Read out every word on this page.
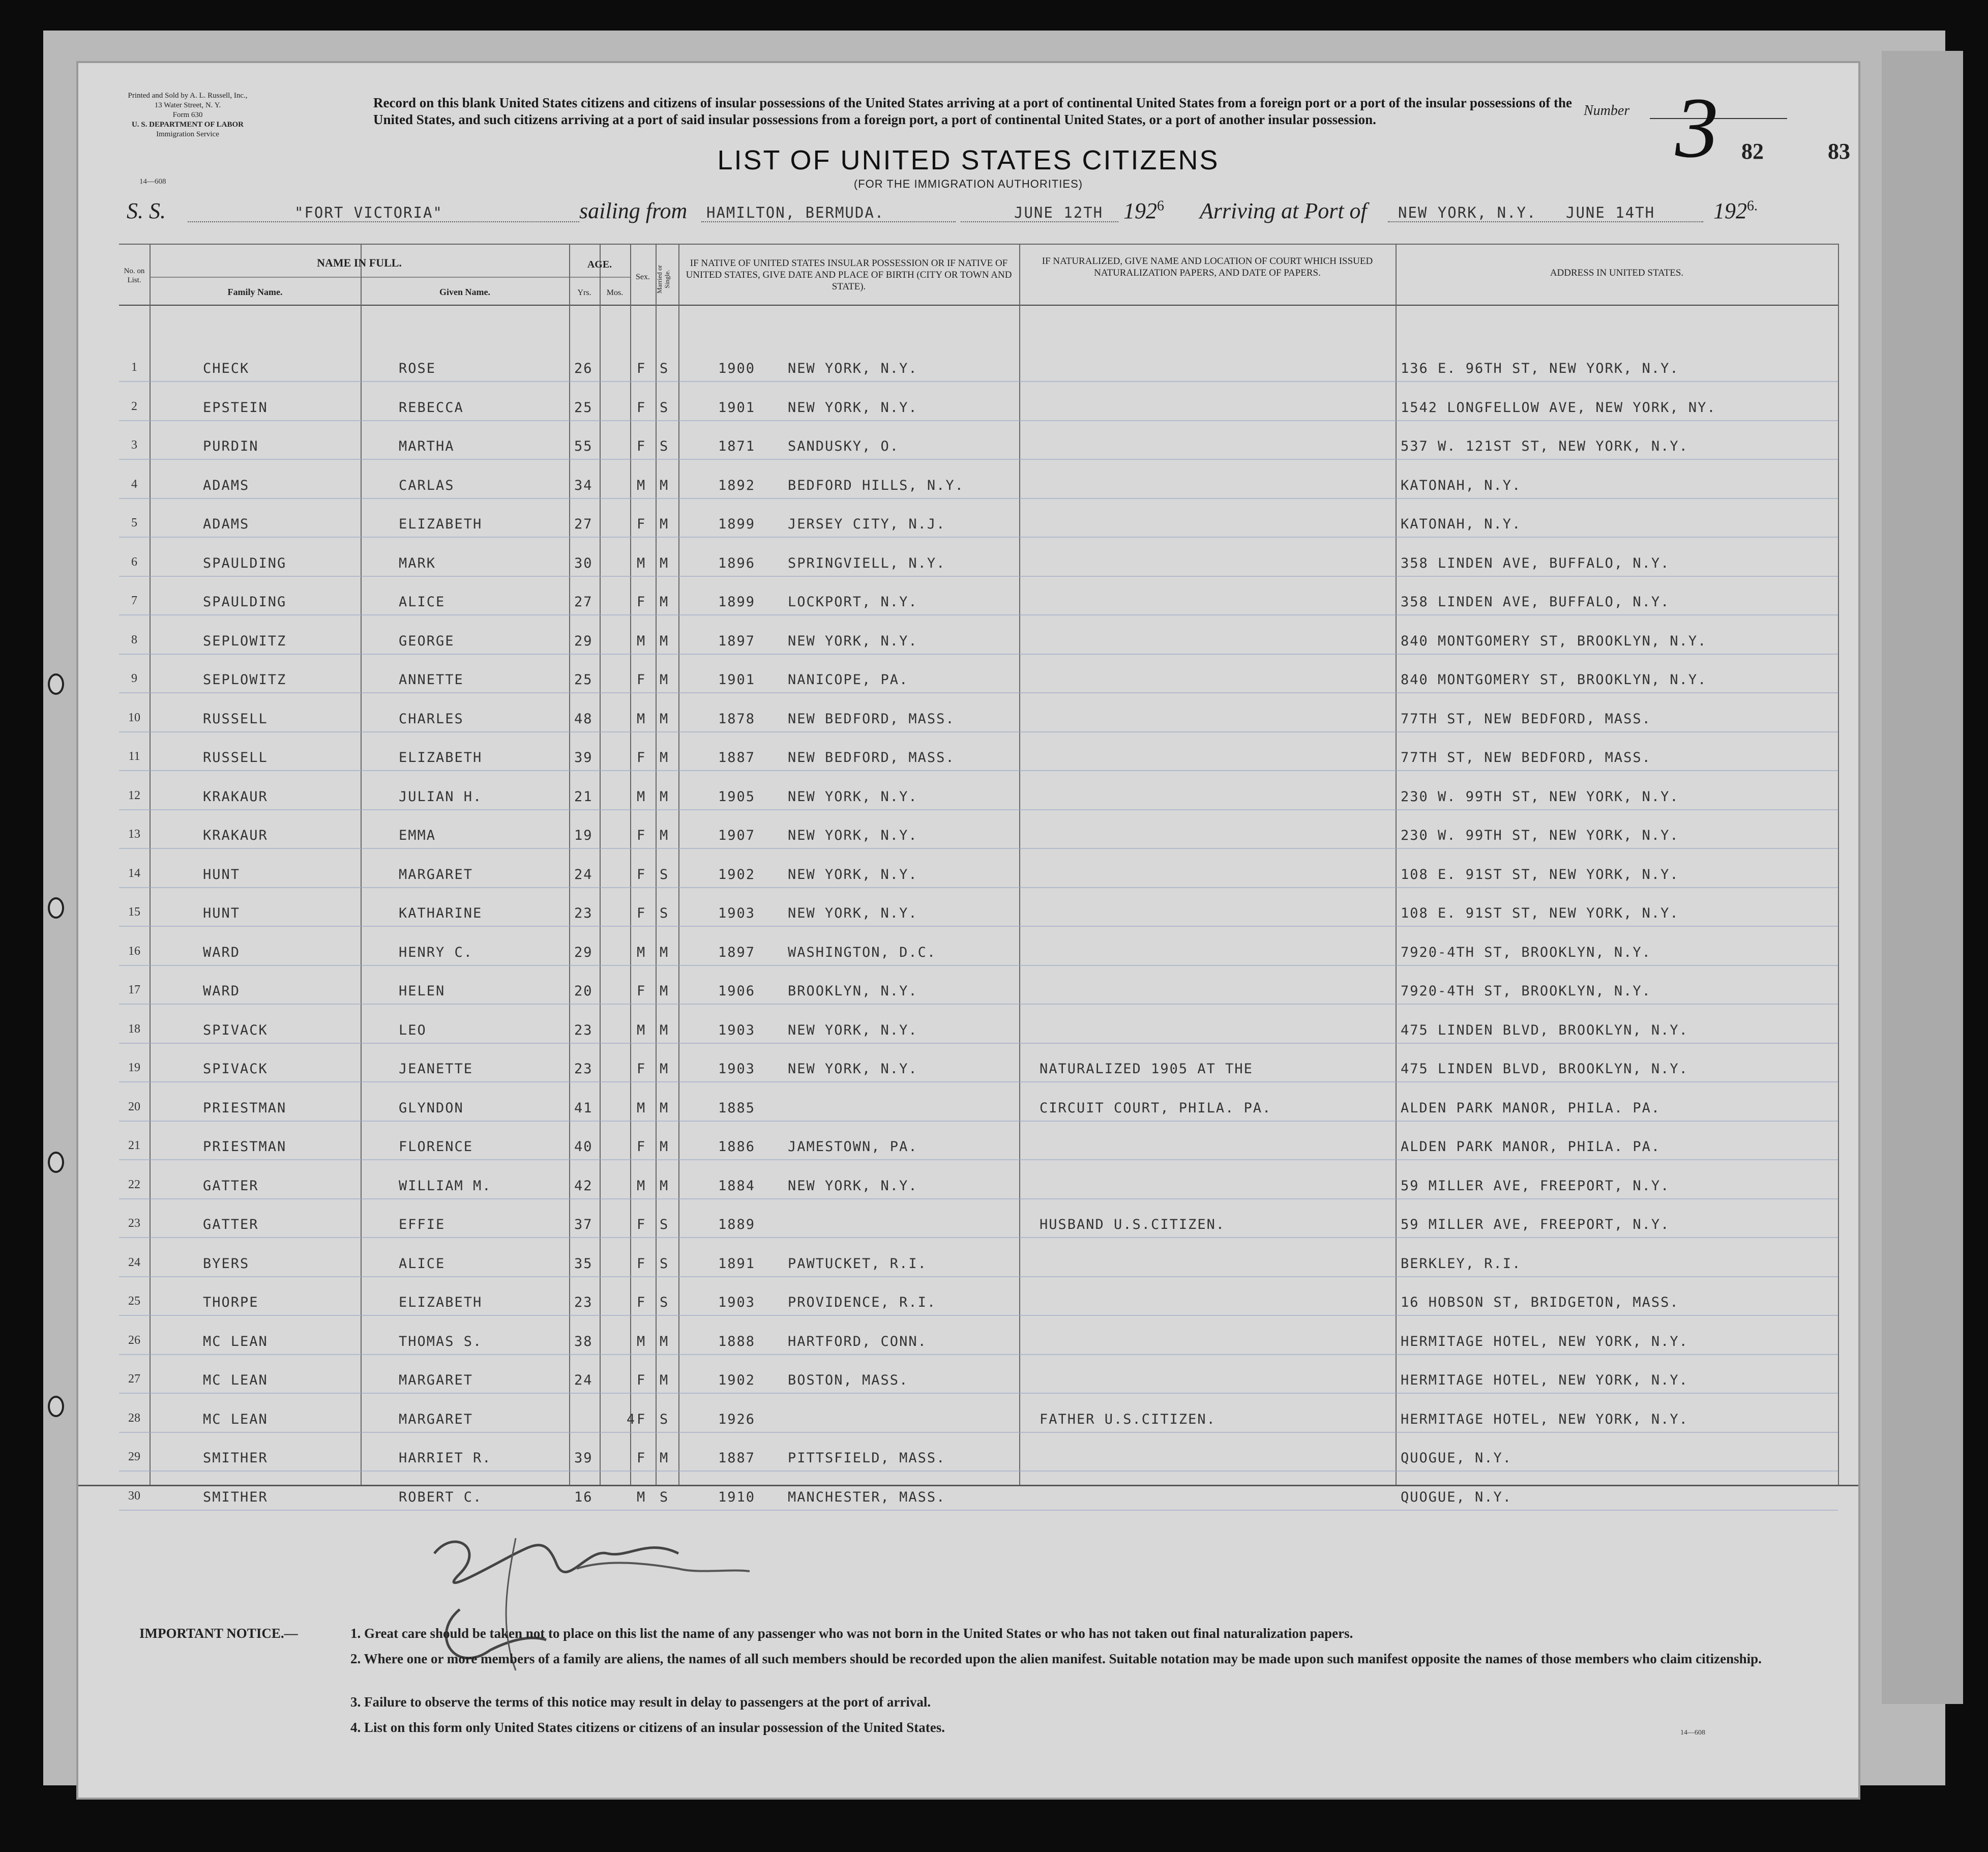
Printed and Sold by A. L. Russell, Inc.,
13 Water Street, N. Y.
Form 630
U. S. DEPARTMENT OF LABOR
Immigration Service
14—608
Record on this blank United States citizens and citizens of insular possessions of the United States arriving at a port of continental United States from a foreign port or a port of the insular possessions of the United States, and such citizens arriving at a port of said insular possessions from a foreign port, a port of continental United States, or a port of another insular possession.
Number 3
LIST OF UNITED STATES CITIZENS
(FOR THE IMMIGRATION AUTHORITIES)
82	83
S. S.	"FORT VICTORIA"	sailing from HAMILTON, BERMUDA.	JUNE 12TH $192^6$ Arriving at Port of NEW YORK, N.Y. JUNE 14TH	$192^{6.}$
No. on List.
NAME IN FULL.
Family Name.	Given Name.
AGE.
Yrs.	Mos.
Sex. Married or Single.
IF NATIVE OF UNITED STATES INSULAR POSSESSION OR IF NATIVE OF UNITED STATES, GIVE DATE AND PLACE OF BIRTH (CITY OR TOWN AND STATE).
IF NATURALIZED, GIVE NAME AND LOCATION OF COURT WHICH ISSUED NATURALIZATION PAPERS, AND DATE OF PAPERS.	ADDRESS IN UNITED STATES.
1	CHECK	ROSE	26	F S	1900 NEW YORK, N.Y.	136 E. 96TH ST, NEW YORK, N.Y.
2	EPSTEIN	REBECCA	25	F S	1901 NEW YORK, N.Y.	1542 LONGFELLOW AVE, NEW YORK, NY.
3	PURDIN	MARTHA	55	F S	1871 SANDUSKY, O.	537 W. 121ST ST, NEW YORK, N.Y.
4	ADAMS	CARLAS	34	M M	1892 BEDFORD HILLS, N.Y.	KATONAH, N.Y.
5	ADAMS	ELIZABETH	27	F M	1899 JERSEY CITY, N.J.	KATONAH, N.Y.
6	SPAULDING	MARK	30	M M	1896 SPRINGVIELL, N.Y.	358 LINDEN AVE, BUFFALO, N.Y.
7	SPAULDING	ALICE	27	F M	1899 LOCKPORT, N.Y.	358 LINDEN AVE, BUFFALO, N.Y.
8	SEPLOWITZ	GEORGE	29	M M	1897 NEW YORK, N.Y.	840 MONTGOMERY ST, BROOKLYN, N.Y.
9	SEPLOWITZ	ANNETTE	25	F M	1901 NANICOPE, PA.	840 MONTGOMERY ST, BROOKLYN, N.Y.
10	RUSSELL	CHARLES	48	M M	1878 NEW BEDFORD, MASS.	77TH ST, NEW BEDFORD, MASS.
11	RUSSELL	ELIZABETH	39	F M	1887 NEW BEDFORD, MASS.	77TH ST, NEW BEDFORD, MASS.
12	KRAKAUR	JULIAN H.	21	M M	1905 NEW YORK, N.Y.	230 W. 99TH ST, NEW YORK, N.Y.
13	KRAKAUR	EMMA	19	F M	1907 NEW YORK, N.Y.	230 W. 99TH ST, NEW YORK, N.Y.
14	HUNT	MARGARET	24	F S	1902 NEW YORK, N.Y.	108 E. 91ST ST, NEW YORK, N.Y.
15	HUNT	KATHARINE	23	F S	1903 NEW YORK, N.Y.	108 E. 91ST ST, NEW YORK, N.Y.
16	WARD	HENRY C.	29	M M	1897 WASHINGTON, D.C.	7920-4TH ST, BROOKLYN, N.Y.
17	WARD	HELEN	20	F M	1906 BROOKLYN, N.Y.	7920-4TH ST, BROOKLYN, N.Y.
18	SPIVACK	LEO	23	M M	1903 NEW YORK, N.Y.	475 LINDEN BLVD, BROOKLYN, N.Y.
19	SPIVACK	JEANETTE	23	F M	1903 NEW YORK, N.Y.	NATURALIZED 1905 AT THE	475 LINDEN BLVD, BROOKLYN, N.Y.
20	PRIESTMAN	GLYNDON	41	M M	1885	CIRCUIT COURT, PHILA. PA.	ALDEN PARK MANOR, PHILA. PA.
21	PRIESTMAN	FLORENCE	40	F M	1886 JAMESTOWN, PA.	ALDEN PARK MANOR, PHILA. PA.
22	GATTER	WILLIAM M.	42	M M	1884 NEW YORK, N.Y.	59 MILLER AVE, FREEPORT, N.Y.
23	GATTER	EFFIE	37	F S	1889	HUSBAND U.S.CITIZEN.	59 MILLER AVE, FREEPORT, N.Y.
24	BYERS	ALICE	35	F S	1891 PAWTUCKET, R.I.	BERKLEY, R.I.
25	THORPE	ELIZABETH	23	F S	1903 PROVIDENCE, R.I.	16 HOBSON ST, BRIDGETON, MASS.
26	MC LEAN	THOMAS S.	38	M M	1888 HARTFORD, CONN.	HERMITAGE HOTEL, NEW YORK, N.Y.
27	MC LEAN	MARGARET	24	F M	1902 BOSTON, MASS.	HERMITAGE HOTEL, NEW YORK, N.Y.
28	MC LEAN	MARGARET	4 F S	1926	FATHER U.S.CITIZEN.	HERMITAGE HOTEL, NEW YORK, N.Y.
29	SMITHER	HARRIET R.	39	F M	1887 PITTSFIELD, MASS.	QUOGUE, N.Y.
30	SMITHER	ROBERT C.	16	M S	1910 MANCHESTER, MASS.	QUOGUE, N.Y.
IMPORTANT NOTICE.—	1. Great care should be taken not to place on this list the name of any passenger who was not born in the United States or who has not taken out final naturalization papers.
2. Where one or more members of a family are aliens, the names of all such members should be recorded upon the alien manifest. Suitable notation may be made upon such manifest opposite the names of those members who claim citizenship.
3. Failure to observe the terms of this notice may result in delay to passengers at the port of arrival.
4. List on this form only United States citizens or citizens of an insular possession of the United States.	14—608
